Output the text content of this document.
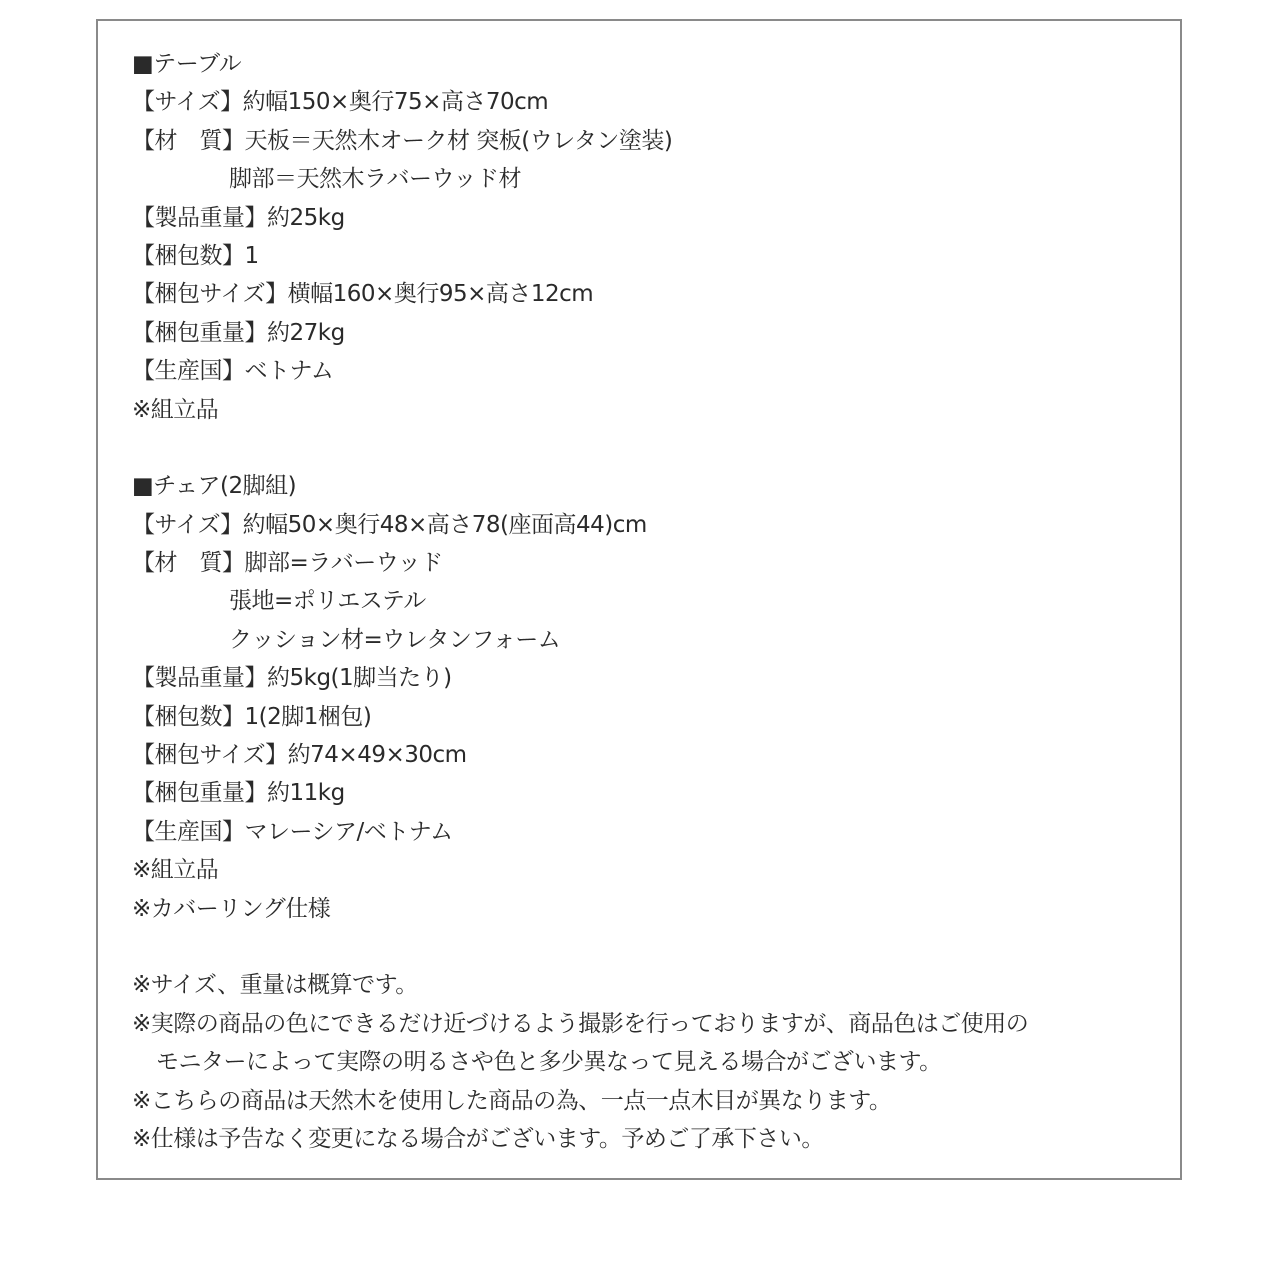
■テーブル
【サイズ】約幅150×奥行75×高さ70cm
【材　質】天板＝天然木オーク材 突板(ウレタン塗装)
脚部＝天然木ラバーウッド材
【製品重量】約25kg
【梱包数】1
【梱包サイズ】横幅160×奥行95×高さ12cm
【梱包重量】約27kg
【生産国】ベトナム
※組立品
■チェア(2脚組)
【サイズ】約幅50×奥行48×高さ78(座面高44)cm
【材　質】脚部=ラバーウッド
張地=ポリエステル
クッション材=ウレタンフォーム
【製品重量】約5kg(1脚当たり)
【梱包数】1(2脚1梱包)
【梱包サイズ】約74×49×30cm
【梱包重量】約11kg
【生産国】マレーシア/ベトナム
※組立品
※カバーリング仕様
※サイズ、重量は概算です。
※実際の商品の色にできるだけ近づけるよう撮影を行っておりますが、商品色はご使用の
モニターによって実際の明るさや色と多少異なって見える場合がございます。
※こちらの商品は天然木を使用した商品の為、一点一点木目が異なります。
※仕様は予告なく変更になる場合がございます。予めご了承下さい。
